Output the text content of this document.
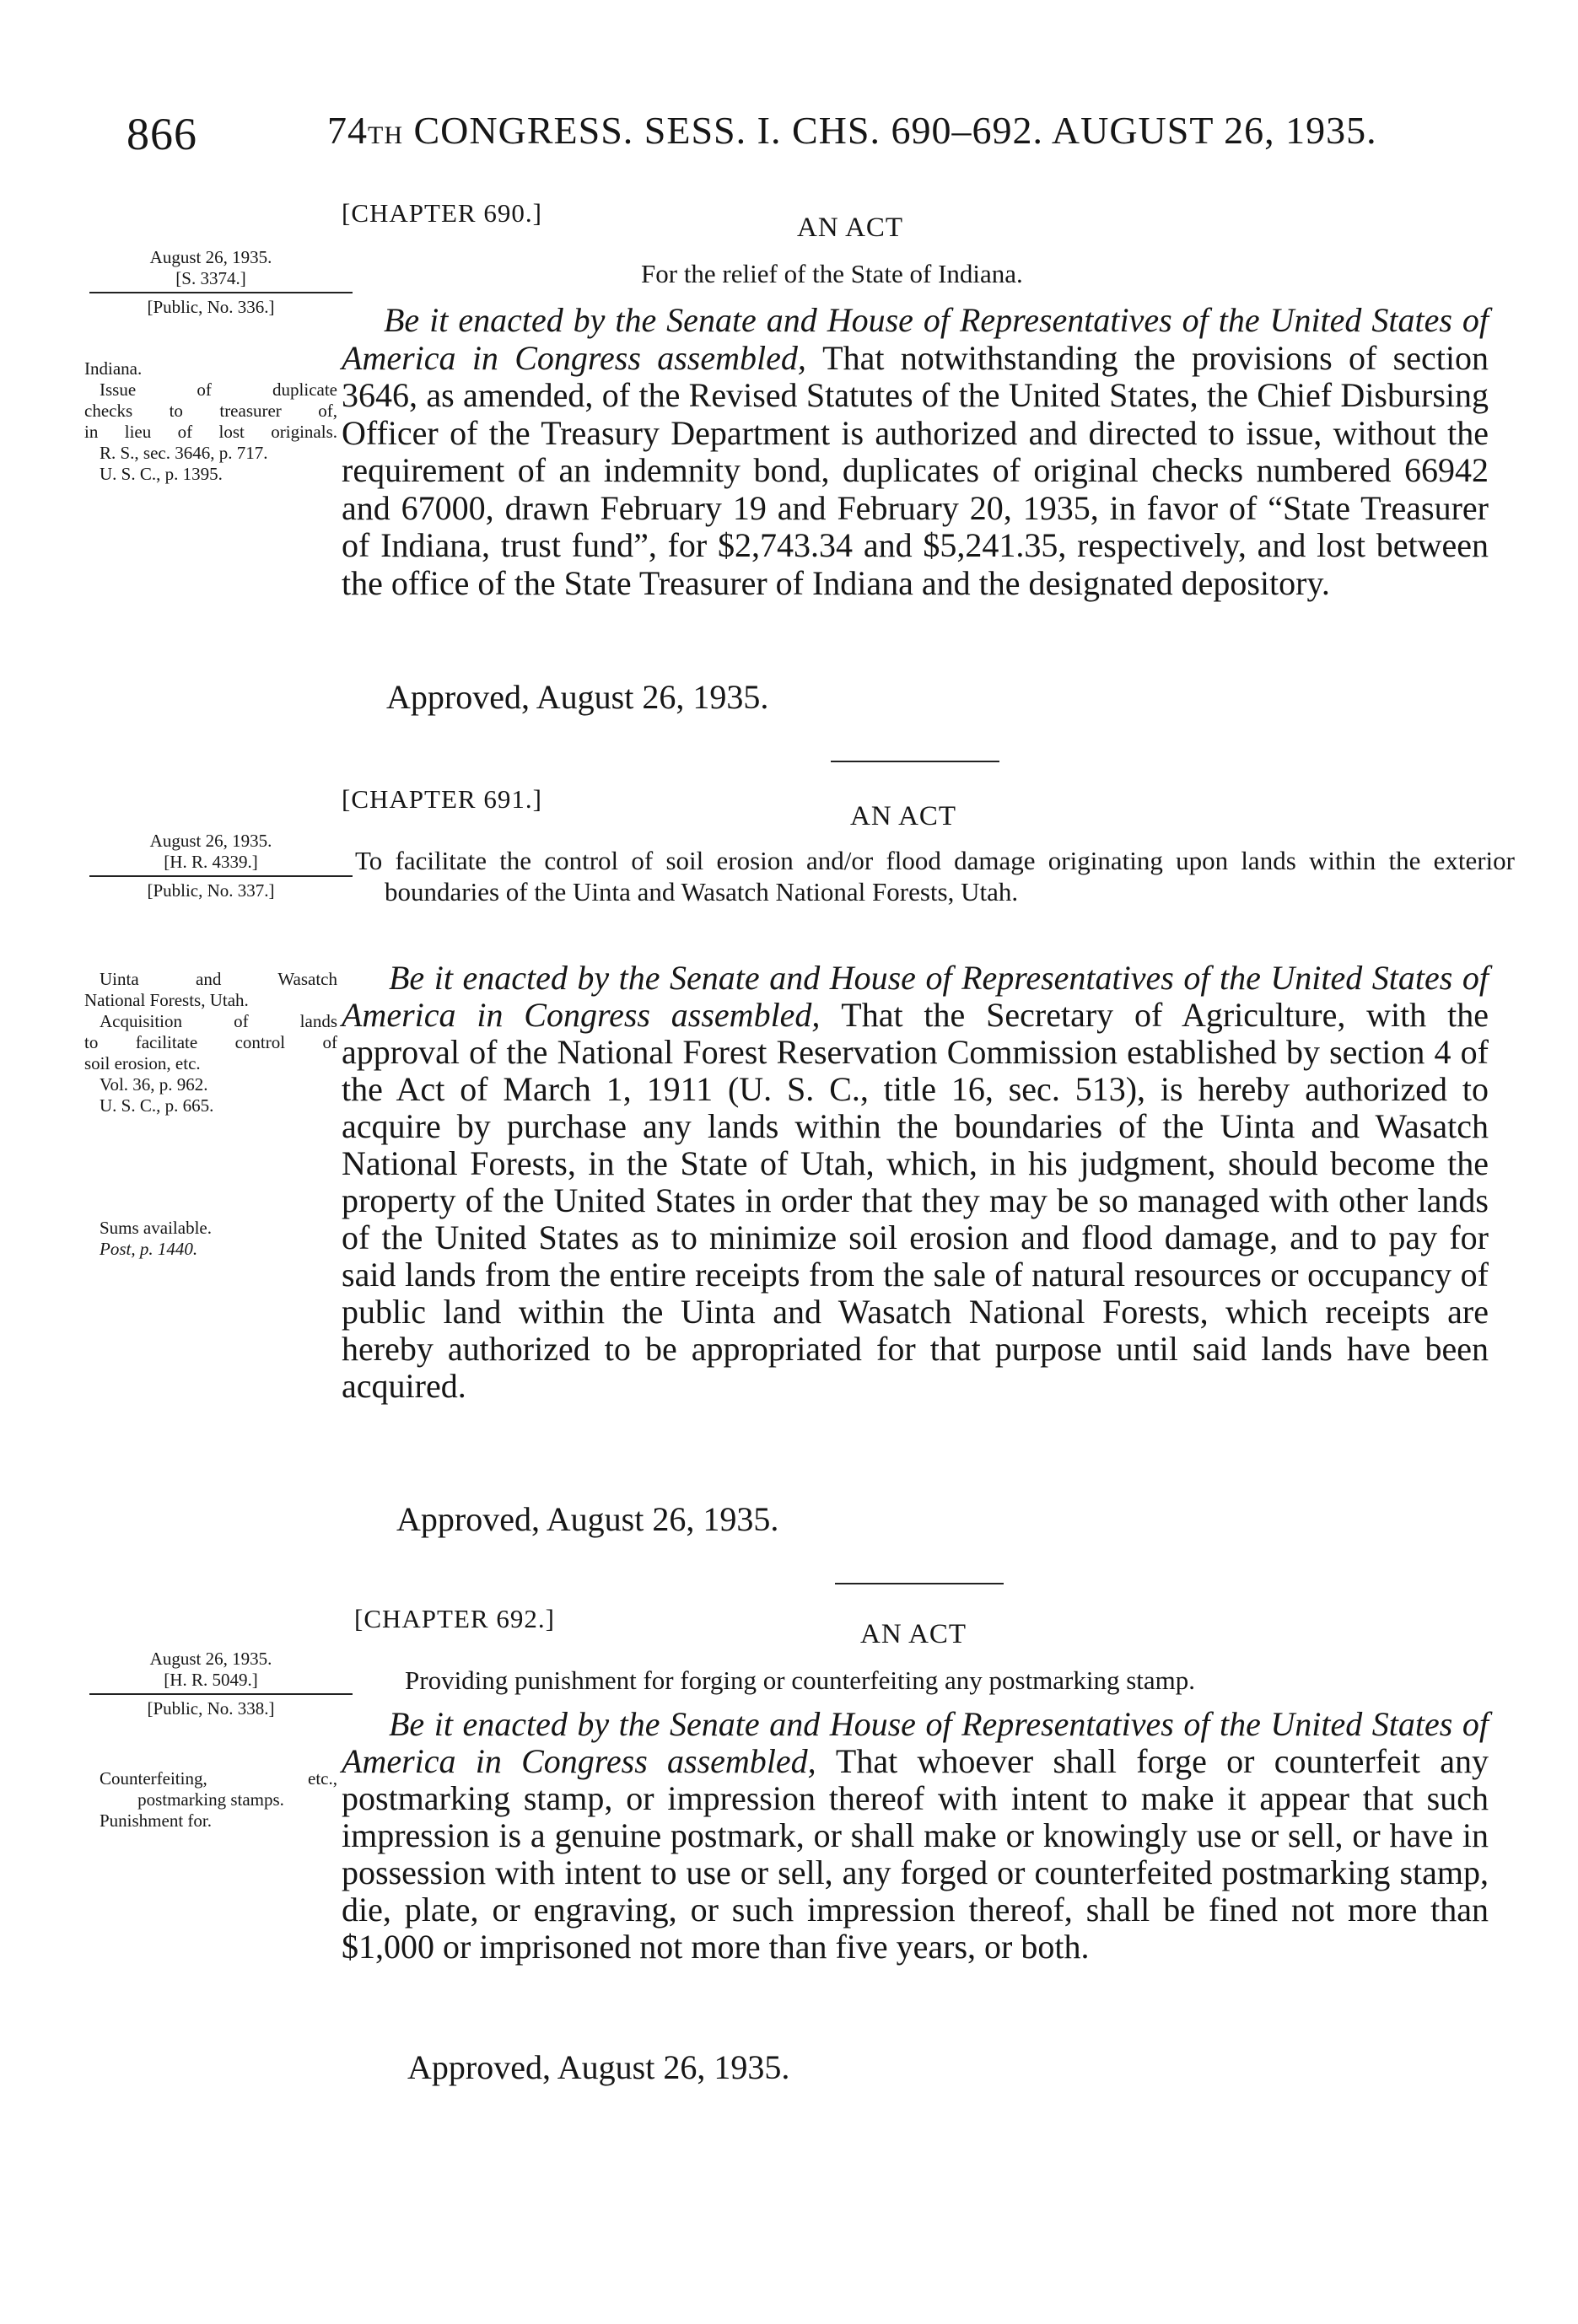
866	74TH CONGRESS. SESS. I. CHS. 690–692. AUGUST 26, 1935.
[CHAPTER 690.]	AN ACT
For the relief of the State of Indiana.
August 26, 1935.
[S. 3374.]
[Public, No. 336.]
Indiana.
Issue of duplicate
checks to treasurer of,
in lieu of lost originals.
R. S., sec. 3646, p. 717.
U. S. C., p. 1395.
Be it enacted by the Senate and House of Representatives of the United States of America in Congress assembled, That notwithstanding the provisions of section 3646, as amended, of the Revised Statutes of the United States, the Chief Disbursing Officer of the Treasury Department is authorized and directed to issue, without the requirement of an indemnity bond, duplicates of original checks numbered 66942 and 67000, drawn February 19 and February 20, 1935, in favor of “State Treasurer of Indiana, trust fund”, for $2,743.34 and $5,241.35, respectively, and lost between the office of the State Treasurer of Indiana and the designated depository.
Approved, August 26, 1935.
[CHAPTER 691.]
AN ACT
To facilitate the control of soil erosion and/or flood damage originating upon lands within the exterior boundaries of the Uinta and Wasatch National Forests, Utah.
August 26, 1935.
[H. R. 4339.]
[Public, No. 337.]
Uinta and Wasatch
National Forests, Utah.
Acquisition of lands
to facilitate control of
soil erosion, etc.
Vol. 36, p. 962.
U. S. C., p. 665.
Sums available.
Post, p. 1440.
Be it enacted by the Senate and House of Representatives of the United States of America in Congress assembled, That the Secretary of Agriculture, with the approval of the National Forest Reservation Commission established by section 4 of the Act of March 1, 1911 (U. S. C., title 16, sec. 513), is hereby authorized to acquire by purchase any lands within the boundaries of the Uinta and Wasatch National Forests, in the State of Utah, which, in his judgment, should become the property of the United States in order that they may be so managed with other lands of the United States as to minimize soil erosion and flood damage, and to pay for said lands from the entire receipts from the sale of natural resources or occupancy of public land within the Uinta and Wasatch National Forests, which receipts are hereby authorized to be appropriated for that purpose until said lands have been acquired.
Approved, August 26, 1935.
[CHAPTER 692.]
AN ACT
Providing punishment for forging or counterfeiting any postmarking stamp.
August 26, 1935.
[H. R. 5049.]
[Public, No. 338.]
Counterfeiting, etc.,
postmarking stamps.
Punishment for.
Be it enacted by the Senate and House of Representatives of the United States of America in Congress assembled, That whoever shall forge or counterfeit any postmarking stamp, or impression thereof with intent to make it appear that such impression is a genuine postmark, or shall make or knowingly use or sell, or have in possession with intent to use or sell, any forged or counterfeited postmarking stamp, die, plate, or engraving, or such impression thereof, shall be fined not more than $1,000 or imprisoned not more than five years, or both.
Approved, August 26, 1935.
